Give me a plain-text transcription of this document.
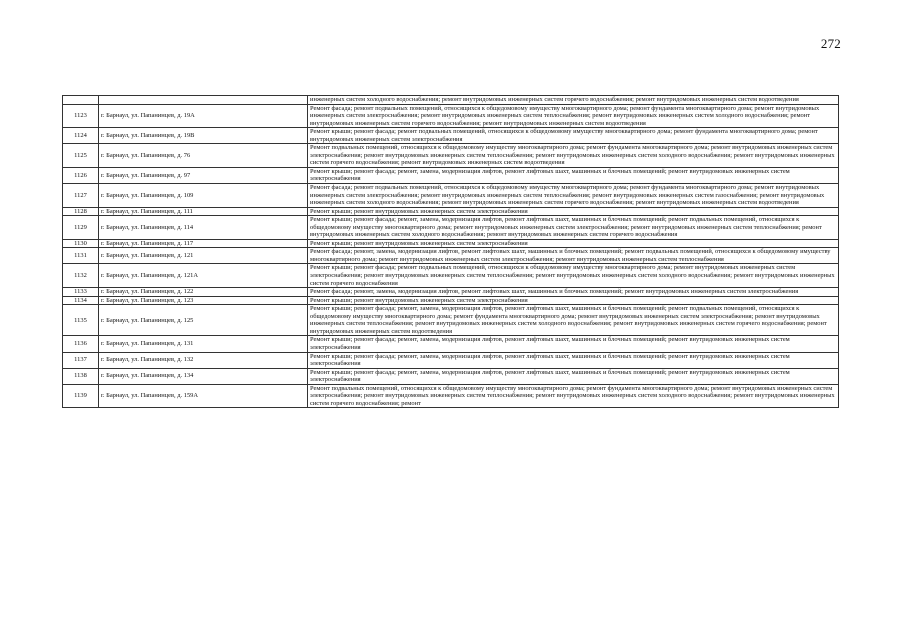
272
		инженерных систем холодного водоснабжения; ремонт внутридомовых инженерных систем горячего водоснабжения; ремонт внутридомовых инженерных систем водоотведения
1123	г. Барнаул, ул. Папанинцев, д. 19А	Ремонт фасада; ремонт подвальных помещений, относящихся к общедомовому имуществу многоквартирного дома; ремонт фундамента многоквартирного дома; ремонт внутридомовых инженерных систем электроснабжения; ремонт внутридомовых инженерных систем теплоснабжения; ремонт внутридомовых инженерных систем холодного водоснабжения; ремонт внутридомовых инженерных систем горячего водоснабжения; ремонт внутридомовых инженерных систем водоотведения
1124	г. Барнаул, ул. Папанинцев, д. 19В	Ремонт крыши; ремонт фасада; ремонт подвальных помещений, относящихся к общедомовому имуществу многоквартирного дома; ремонт фундамента многоквартирного дома; ремонт внутридомовых инженерных систем электроснабжения
1125	г. Барнаул, ул. Папанинцев, д. 76	Ремонт подвальных помещений, относящихся к общедомовому имуществу многоквартирного дома; ремонт фундамента многоквартирного дома; ремонт внутридомовых инженерных систем электроснабжения; ремонт внутридомовых инженерных систем теплоснабжения; ремонт внутридомовых инженерных систем холодного водоснабжения; ремонт внутридомовых инженерных систем горячего водоснабжения; ремонт внутридомовых инженерных систем водоотведения
1126	г. Барнаул, ул. Папанинцев, д. 97	Ремонт крыши; ремонт фасада; ремонт, замена, модернизация лифтов, ремонт лифтовых шахт, машинных и блочных помещений; ремонт внутридомовых инженерных систем электроснабжения
1127	г. Барнаул, ул. Папанинцев, д. 109	Ремонт фасада; ремонт подвальных помещений, относящихся к общедомовому имуществу многоквартирного дома; ремонт фундамента многоквартирного дома; ремонт внутридомовых инженерных систем электроснабжения; ремонт внутридомовых инженерных систем теплоснабжения; ремонт внутридомовых инженерных систем газоснабжения; ремонт внутридомовых инженерных систем холодного водоснабжения; ремонт внутридомовых инженерных систем горячего водоснабжения; ремонт внутридомовых инженерных систем водоотведения
1128	г. Барнаул, ул. Папанинцев, д. 111	Ремонт крыши; ремонт внутридомовых инженерных систем электроснабжения
1129	г. Барнаул, ул. Папанинцев, д. 114	Ремонт крыши; ремонт фасада; ремонт, замена, модернизация лифтов, ремонт лифтовых шахт, машинных и блочных помещений; ремонт подвальных помещений, относящихся к общедомовому имуществу многоквартирного дома; ремонт внутридомовых инженерных систем электроснабжения; ремонт внутридомовых инженерных систем теплоснабжения; ремонт внутридомовых инженерных систем холодного водоснабжения; ремонт внутридомовых инженерных систем горячего водоснабжения
1130	г. Барнаул, ул. Папанинцев, д. 117	Ремонт крыши; ремонт внутридомовых инженерных систем электроснабжения
1131	г. Барнаул, ул. Папанинцев, д. 121	Ремонт фасада; ремонт, замена, модернизация лифтов, ремонт лифтовых шахт, машинных и блочных помещений; ремонт подвальных помещений, относящихся к общедомовому имуществу многоквартирного дома; ремонт внутридомовых инженерных систем электроснабжения; ремонт внутридомовых инженерных систем теплоснабжения
1132	г. Барнаул, ул. Папанинцев, д. 121А	Ремонт крыши; ремонт фасада; ремонт подвальных помещений, относящихся к общедомовому имуществу многоквартирного дома; ремонт внутридомовых инженерных систем электроснабжения; ремонт внутридомовых инженерных систем теплоснабжения; ремонт внутридомовых инженерных систем холодного водоснабжения; ремонт внутридомовых инженерных систем горячего водоснабжения
1133	г. Барнаул, ул. Папанинцев, д. 122	Ремонт фасада; ремонт, замена, модернизация лифтов, ремонт лифтовых шахт, машинных и блочных помещений; ремонт внутридомовых инженерных систем электроснабжения
1134	г. Барнаул, ул. Папанинцев, д. 123	Ремонт крыши; ремонт внутридомовых инженерных систем электроснабжения
1135	г. Барнаул, ул. Папанинцев, д. 125	Ремонт крыши; ремонт фасада; ремонт, замена, модернизация лифтов, ремонт лифтовых шахт, машинных и блочных помещений; ремонт подвальных помещений, относящихся к общедомовому имуществу многоквартирного дома; ремонт фундамента многоквартирного дома; ремонт внутридомовых инженерных систем электроснабжения; ремонт внутридомовых инженерных систем теплоснабжения; ремонт внутридомовых инженерных систем холодного водоснабжения; ремонт внутридомовых инженерных систем горячего водоснабжения; ремонт внутридомовых инженерных систем водоотведения
1136	г. Барнаул, ул. Папанинцев, д. 131	Ремонт крыши; ремонт фасада; ремонт, замена, модернизация лифтов, ремонт лифтовых шахт, машинных и блочных помещений; ремонт внутридомовых инженерных систем электроснабжения
1137	г. Барнаул, ул. Папанинцев, д. 132	Ремонт крыши; ремонт фасада; ремонт, замена, модернизация лифтов, ремонт лифтовых шахт, машинных и блочных помещений; ремонт внутридомовых инженерных систем электроснабжения
1138	г. Барнаул, ул. Папанинцев, д. 134	Ремонт крыши; ремонт фасада; ремонт, замена, модернизация лифтов, ремонт лифтовых шахт, машинных и блочных помещений; ремонт внутридомовых инженерных систем электроснабжения
1139	г. Барнаул, ул. Папанинцев, д. 159А	Ремонт подвальных помещений, относящихся к общедомовому имуществу многоквартирного дома; ремонт фундамента многоквартирного дома; ремонт внутридомовых инженерных систем электроснабжения; ремонт внутридомовых инженерных систем теплоснабжения; ремонт внутридомовых инженерных систем холодного водоснабжения; ремонт внутридомовых инженерных систем горячего водоснабжения; ремонт
